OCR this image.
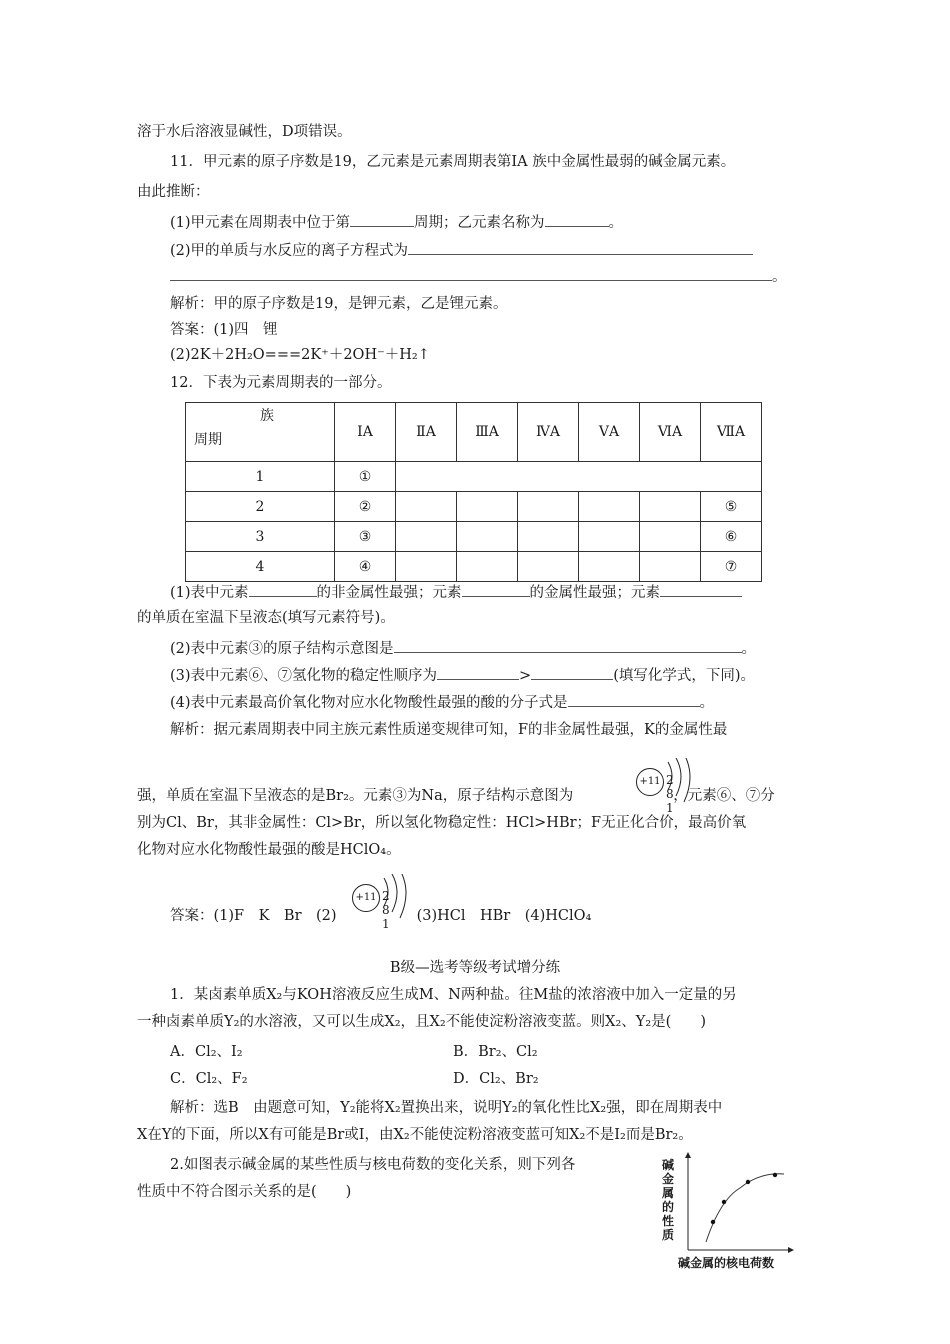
溶于水后溶液显碱性，D项错误。
11．甲元素的原子序数是19，乙元素是元素周期表第ⅠA 族中金属性最弱的碱金属元素。
由此推断：
(1)甲元素在周期表中位于第	周期；乙元素名称为	。
(2)甲的单质与水反应的离子方程式为
。
解析：甲的原子序数是19，是钾元素，乙是锂元素。
答案：(1)四　锂
(2)2K＋2H₂O===2K⁺＋2OH⁻＋H₂↑
12．下表为元素周期表的一部分。
族
周期	ⅠA	ⅡA	ⅢA	ⅣA	ⅤA	ⅥA	ⅦA
1	①						
2	②						⑤
3	③						⑥
4	④						⑦
(1)表中元素	的非金属性最强；元素	的金属性最强；元素
的单质在室温下呈液态(填写元素符号)。
(2)表中元素③的原子结构示意图是	。
(3)表中元素⑥、⑦氢化物的稳定性顺序为	>	(填写化学式，下同)。
(4)表中元素最高价氧化物对应水化物酸性最强的酸的分子式是	。
解析：据元素周期表中同主族元素性质递变规律可知，F的非金属性最强，K的金属性最
强，单质在室温下呈液态的是Br₂。元素③为Na，原子结构示意图为	，元素⑥、⑦分
+11 2 8 1
别为Cl、Br，其非金属性：Cl>Br，所以氢化物稳定性：HCl>HBr；F无正化合价，最高价氧
化物对应水化物酸性最强的酸是HClO₄。
答案：(1)F　K　Br　(2)	(3)HCl　HBr　(4)HClO₄
+11 2 8 1
B级—选考等级考试增分练
1．某卤素单质X₂与KOH溶液反应生成M、N两种盐。往M盐的浓溶液中加入一定量的另
一种卤素单质Y₂的水溶液，又可以生成X₂，且X₂不能使淀粉溶液变蓝。则X₂、Y₂是(　　)
A．Cl₂、I₂	B．Br₂、Cl₂
C．Cl₂、F₂	D．Cl₂、Br₂
解析：选B　由题意可知，Y₂能将X₂置换出来，说明Y₂的氧化性比X₂强，即在周期表中
X在Y的下面，所以X有可能是Br或I，由X₂不能使淀粉溶液变蓝可知X₂不是I₂而是Br₂。
2.如图表示碱金属的某些性质与核电荷数的变化关系，则下列各
性质中不符合图示关系的是(　　)
碱金属的性质
碱金属的核电荷数
